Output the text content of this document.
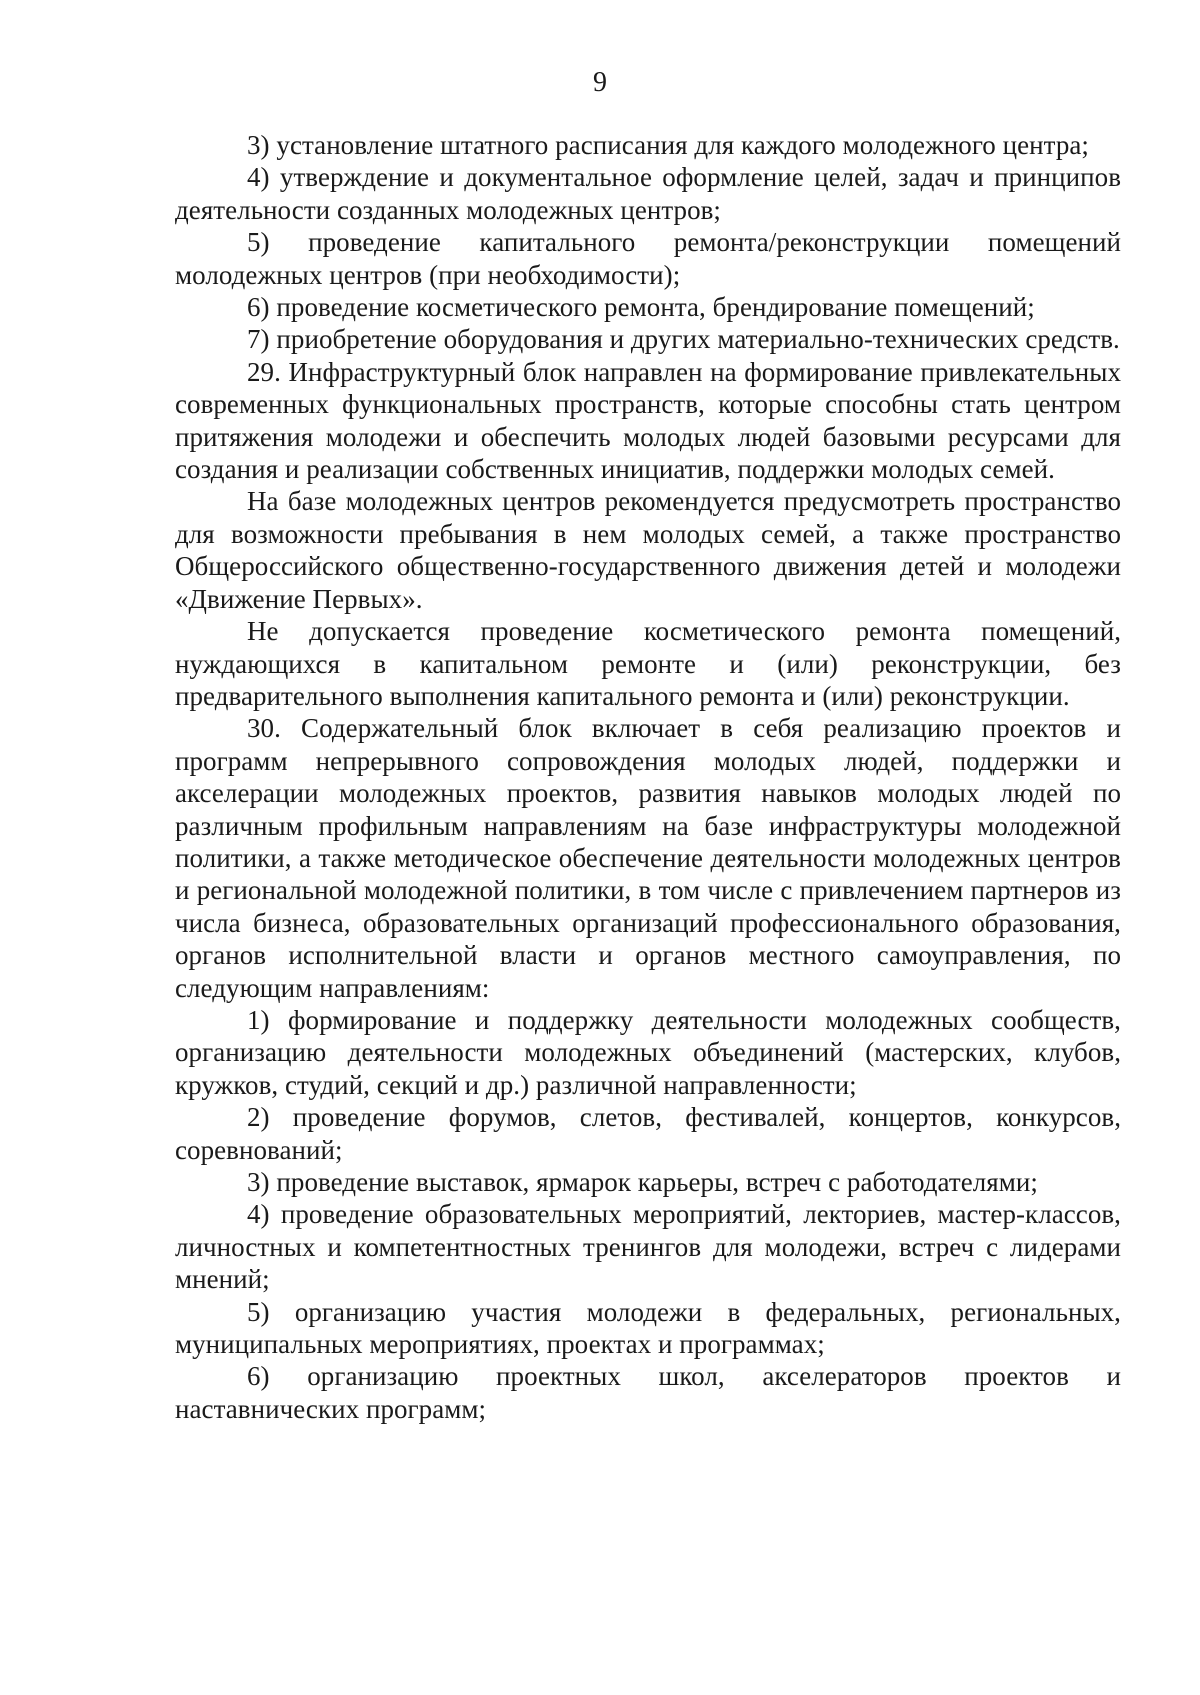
9

3) установление штатного расписания для каждого молодежного центра;

4) утверждение и документальное оформление целей, задач и принципов деятельности созданных молодежных центров;

5) проведение капитального ремонта/реконструкции помещений молодежных центров (при необходимости);

6) проведение косметического ремонта, брендирование помещений;

7) приобретение оборудования и других материально-технических средств.

29. Инфраструктурный блок направлен на формирование привлекательных современных функциональных пространств, которые способны стать центром притяжения молодежи и обеспечить молодых людей базовыми ресурсами для создания и реализации собственных инициатив, поддержки молодых семей.

На базе молодежных центров рекомендуется предусмотреть пространство для возможности пребывания в нем молодых семей, а также пространство Общероссийского общественно-государственного движения детей и молодежи «Движение Первых».

Не допускается проведение косметического ремонта помещений, нуждающихся в капитальном ремонте и (или) реконструкции, без предварительного выполнения капитального ремонта и (или) реконструкции.

30. Содержательный блок включает в себя реализацию проектов и программ непрерывного сопровождения молодых людей, поддержки и акселерации молодежных проектов, развития навыков молодых людей по различным профильным направлениям на базе инфраструктуры молодежной политики, а также методическое обеспечение деятельности молодежных центров и региональной молодежной политики, в том числе с привлечением партнеров из числа бизнеса, образовательных организаций профессионального образования, органов исполнительной власти и органов местного самоуправления, по следующим направлениям:

1) формирование и поддержку деятельности молодежных сообществ, организацию деятельности молодежных объединений (мастерских, клубов, кружков, студий, секций и др.) различной направленности;

2) проведение форумов, слетов, фестивалей, концертов, конкурсов, соревнований;

3) проведение выставок, ярмарок карьеры, встреч с работодателями;

4) проведение образовательных мероприятий, лекториев, мастер-классов, личностных и компетентностных тренингов для молодежи, встреч с лидерами мнений;

5) организацию участия молодежи в федеральных, региональных, муниципальных мероприятиях, проектах и программах;

6) организацию проектных школ, акселераторов проектов и наставнических программ;
